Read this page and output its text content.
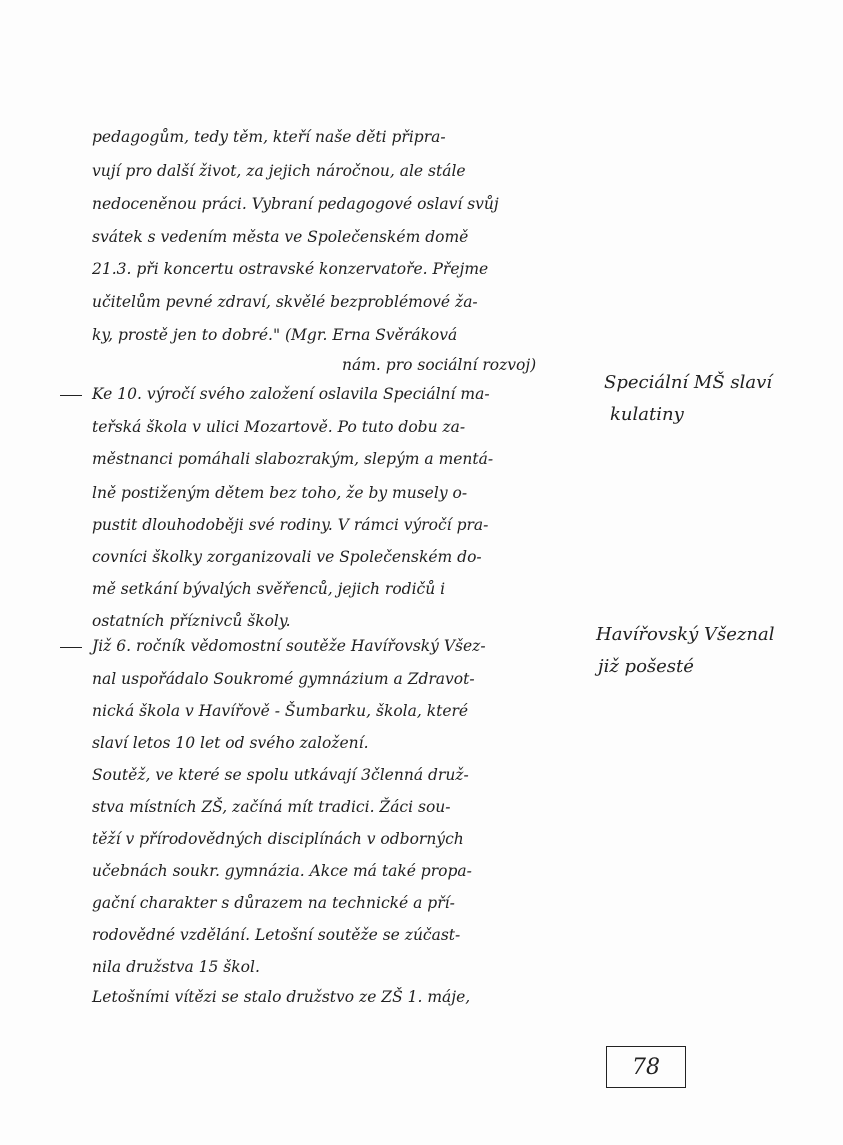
pedagogům, tedy těm, kteří naše děti připra-
vují pro další život, za jejich náročnou, ale stále
nedoceněnou práci. Vybraní pedagogové oslaví svůj
svátek s vedením města ve Společenském domě
21.3. při koncertu ostravské konzervatoře. Přejme
učitelům pevné zdraví, skvělé bezproblémové ža-
ky, prostě jen to dobré." (Mgr. Erna Svěráková
nám. pro sociální rozvoj)
Ke 10. výročí svého založení oslavila Speciální ma-
teřská škola v ulici Mozartově. Po tuto dobu za-
městnanci pomáhali slabozrakým, slepým a mentá-
lně postiženým dětem bez toho, že by musely o-
pustit dlouhodoběji své rodiny. V rámci výročí pra-
covníci školky zorganizovali ve Společenském do-
mě setkání bývalých svěřenců, jejich rodičů i
ostatních příznivců školy.
Již 6. ročník vědomostní soutěže Havířovský Všez-
nal uspořádalo Soukromé gymnázium a Zdravot-
nická škola v Havířově - Šumbarku, škola, které
slaví letos 10 let od svého založení.
Soutěž, ve které se spolu utkávají 3členná druž-
stva místních ZŠ, začíná mít tradici. Žáci sou-
těží v přírodovědných disciplínách v odborných
učebnách soukr. gymnázia. Akce má také propa-
gační charakter s důrazem na technické a pří-
rodovědné vzdělání. Letošní soutěže se zúčast-
nila družstva 15 škol.
Letošními vítězi se stalo družstvo ze ZŠ 1. máje,
Speciální MŠ slaví
kulatiny
Havířovský Všeznal
již pošesté
78
